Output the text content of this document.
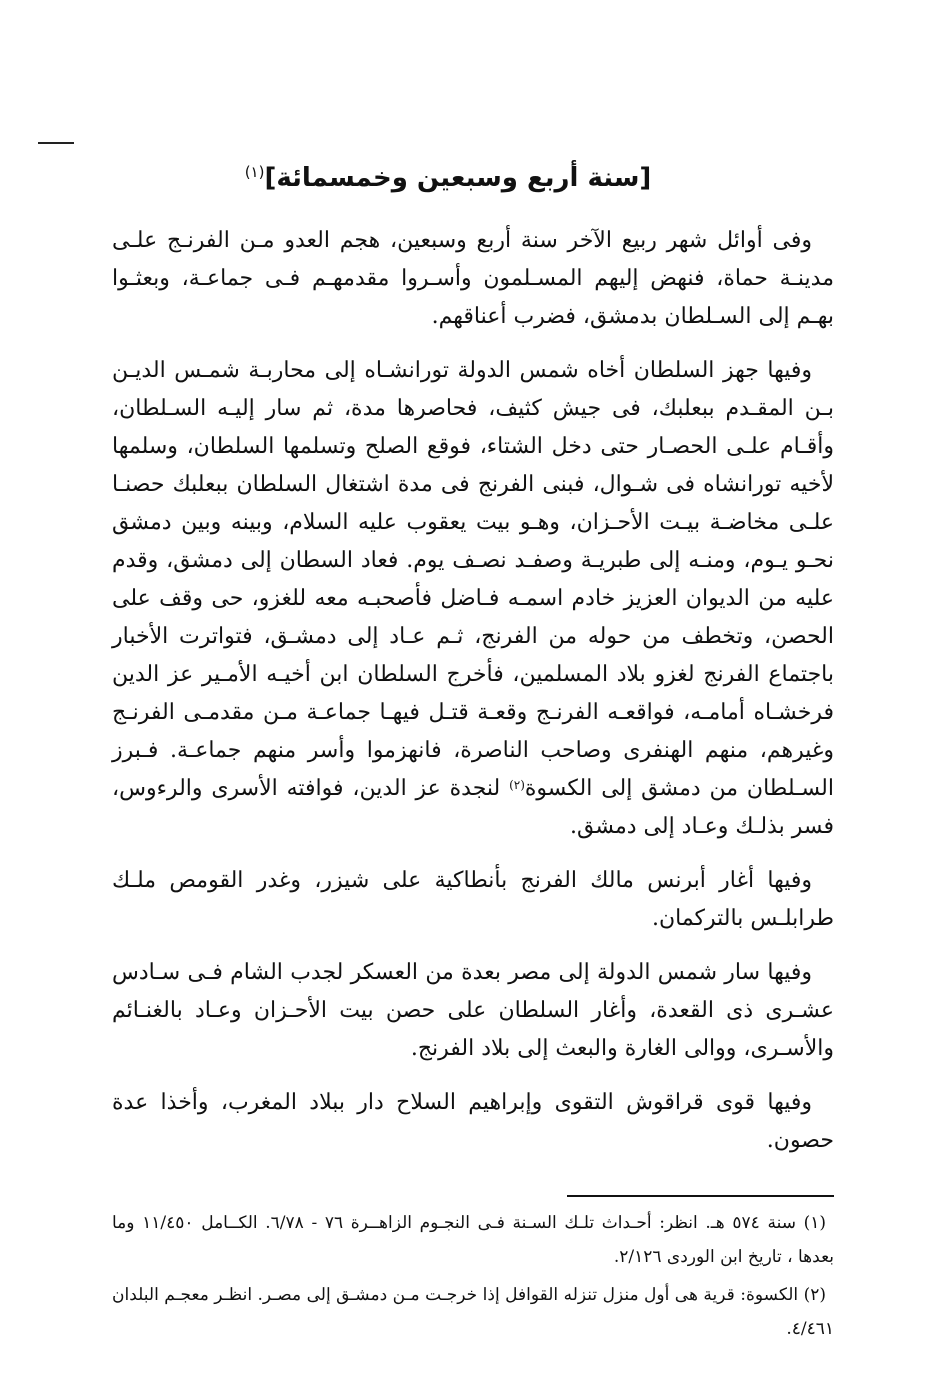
[سنة أربع وسبعين وخمسمائة]$^{(١)}$

وفى أوائل شهر ربيع الآخر سنة أربع وسبعين، هجم العدو مـن الفرنـج علـى مدينـة حماة، فنهض إليهم المسـلمون وأسـروا مقدمهـم فـى جماعـة، وبعثـوا بهـم إلى السـلطان بدمشق، فضرب أعناقهم.

وفيها جهز السلطان أخاه شمس الدولة تورانشـاه إلى محاربـة شمـس الديـن بـن المقـدم ببعلبك، فى جيش كثيف، فحاصرها مدة، ثم سار إليـه السـلطان، وأقـام علـى الحصـار حتى دخل الشتاء، فوقع الصلح وتسلمها السلطان، وسلمها لأخيه تورانشاه فى شـوال، فبنى الفرنج فى مدة اشتغال السلطان ببعلبك حصنـا علـى مخاضـة بيـت الأحـزان، وهـو بيت يعقوب عليه السلام، وبينه وبين دمشق نحـو يـوم، ومنـه إلى طبريـة وصفـد نصـف يوم. فعاد السطان إلى دمشق، وقدم عليه من الديوان العزيز خادم اسمـه فـاضل فأصحبـه معه للغزو، حى وقف على الحصن، وتخطف من حوله من الفرنج، ثـم عـاد إلى دمشـق، فتواترت الأخبار باجتماع الفرنج لغزو بلاد المسلمين، فأخرج السلطان ابن أخيـه الأمـير عز الدين فرخشـاه أمامـه، فواقعـه الفرنـج وقعـة قتـل فيهـا جماعـة مـن مقدمـى الفرنـج وغيرهم، منهم الهنفرى وصاحب الناصرة، فانهزموا وأسر منهم جماعـة. فـبرز السـلطان من دمشق إلى الكسوة$^{(٢)}$ لنجدة عز الدين، فوافته الأسرى والرءوس، فسر بذلـك وعـاد إلى دمشق.

وفيها أغار أبرنس مالك الفرنج بأنطاكية على شيزر، وغدر القومص ملـك طرابلـس بالتركمان.

وفيها سار شمس الدولة إلى مصر بعدة من العسكر لجدب الشام فـى سـادس عشـرى ذى القعدة، وأغار السلطان على حصن بيت الأحـزان وعـاد بالغنـائم والأسـرى، ووالى الغارة والبعث إلى بلاد الفرنج.

وفيها قوى قراقوش التقوى وإبراهيم السلاح دار ببلاد المغرب، وأخذا عدة حصون.

(١) سنة ٥٧٤ هـ. انظر: أحـداث تلـك السـنة فـى النجـوم الزاهــرة ٧٦ - ٦/٧٨. الكــامل ١١/٤٥٠ وما بعدها ، تاريخ ابن الوردى ٢/١٢٦.

(٢) الكسوة: قرية هى أول منزل تنزله القوافل إذا خرجـت مـن دمشـق إلى مصـر. انظـر معجـم البلدان ٤/٤٦١.
